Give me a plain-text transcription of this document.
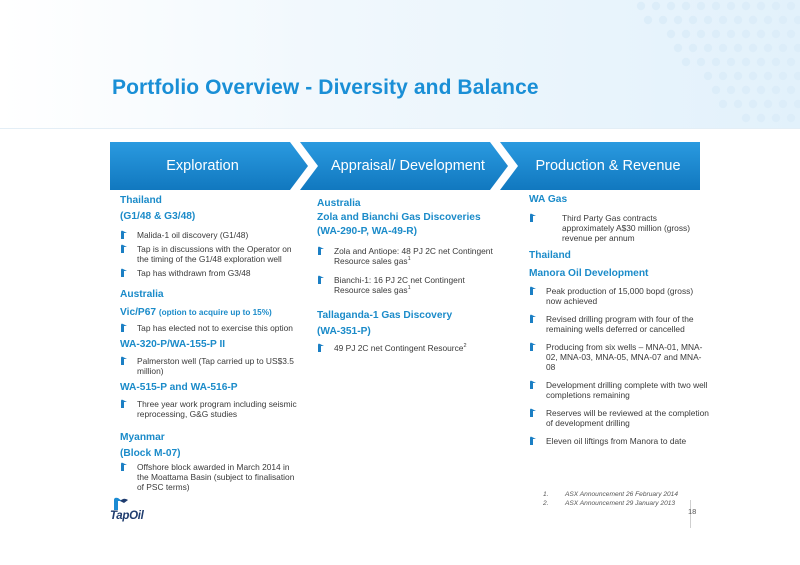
Portfolio Overview - Diversity and Balance
Exploration	Appraisal/ Development	Production & Revenue
Thailand
(G1/48 & G3/48)
Malida-1 oil discovery (G1/48)
Tap is in discussions with the Operator on the timing of the G1/48 exploration well
Tap has withdrawn from G3/48
Australia
Vic/P67 (option to acquire up to 15%)
Tap has elected not to exercise this option
WA-320-P/WA-155-P II
Palmerston well (Tap carried up to US$3.5 million)
WA-515-P and WA-516-P
Three year work program including seismic reprocessing, G&G studies
Myanmar
(Block M-07)
Offshore block awarded in March 2014 in the Moattama Basin (subject to finalisation of PSC terms)
Australia
Zola and Bianchi Gas Discoveries
(WA-290-P, WA-49-R)
Zola and Antiope: 48 PJ 2C net Contingent Resource sales gas$^1$
Bianchi-1: 16 PJ 2C net Contingent Resource sales gas$^1$
Tallaganda-1 Gas Discovery
(WA-351-P)
49 PJ 2C net Contingent Resource$^2$
WA Gas
Third Party Gas contracts approximately A$30 million (gross) revenue per annum
Thailand
Manora Oil Development
Peak production of 15,000 bopd (gross) now achieved
Revised drilling program with four of the remaining wells deferred or cancelled
Producing from six wells – MNA-01, MNA-02, MNA-03, MNA-05, MNA-07 and MNA-08
Development drilling complete with two well completions remaining
Reserves will be reviewed at the completion of development drilling
Eleven oil liftings from Manora to date
1.	ASX Announcement 26 February 2014
2.	ASX Announcement 29 January 2013
TapOil	18
